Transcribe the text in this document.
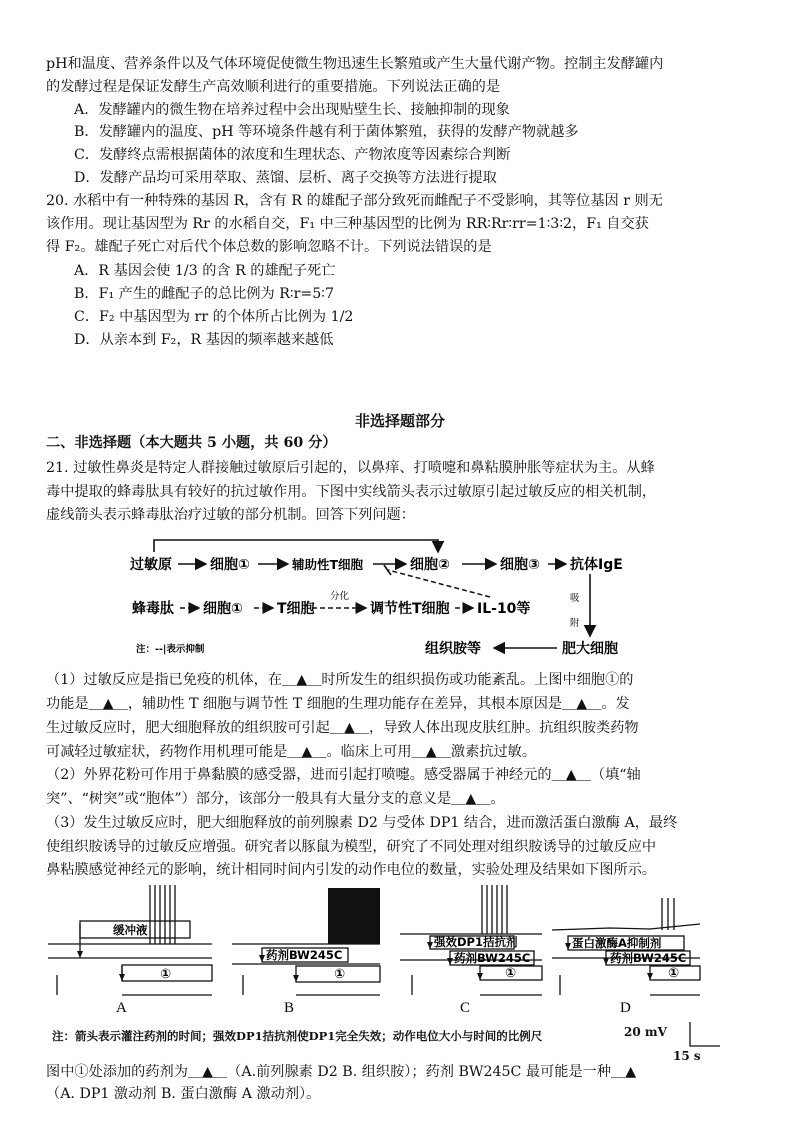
pH和温度、营养条件以及气体环境促使微生物迅速生长繁殖或产生大量代谢产物。控制主发酵罐内
的发酵过程是保证发酵生产高效顺利进行的重要措施。下列说法正确的是
A．发酵罐内的微生物在培养过程中会出现贴壁生长、接触抑制的现象
B．发酵罐内的温度、pH 等环境条件越有利于菌体繁殖，获得的发酵产物就越多
C．发酵终点需根据菌体的浓度和生理状态、产物浓度等因素综合判断
D．发酵产品均可采用萃取、蒸馏、层析、离子交换等方法进行提取
20. 水稻中有一种特殊的基因 R，含有 R 的雄配子部分致死而雌配子不受影响，其等位基因 r 则无
该作用。现让基因型为 Rr 的水稻自交，F₁ 中三种基因型的比例为 RR∶Rr∶rr=1∶3∶2，F₁ 自交获
得 F₂。雄配子死亡对后代个体总数的影响忽略不计。下列说法错误的是
A．R 基因会使 1/3 的含 R 的雄配子死亡
B．F₁ 产生的雌配子的总比例为 R∶r=5∶7
C．F₂ 中基因型为 rr 的个体所占比例为 1/2
D．从亲本到 F₂，R 基因的频率越来越低
非选择题部分
二、非选择题（本大题共 5 小题，共 60 分）
21. 过敏性鼻炎是特定人群接触过敏原后引起的，以鼻痒、打喷嚏和鼻粘膜肿胀等症状为主。从蜂
毒中提取的蜂毒肽具有较好的抗过敏作用。下图中实线箭头表示过敏原引起过敏反应的相关机制，
虚线箭头表示蜂毒肽治疗过敏的部分机制。回答下列问题：
过敏原	细胞①	辅助性T细胞	细胞②	细胞③ 抗体IgE
蜂毒肽 细胞① T细胞	调节性T细胞 IL-10等
组织胺等	肥大细胞
分化	吸
附
注：--|表示抑制
（1）过敏反应是指已免疫的机体，在＿▲＿时所发生的组织损伤或功能紊乱。上图中细胞①的
功能是＿▲＿，辅助性 T 细胞与调节性 T 细胞的生理功能存在差异，其根本原因是＿▲＿。发
生过敏反应时，肥大细胞释放的组织胺可引起＿▲＿，导致人体出现皮肤红肿。抗组织胺类药物
可减轻过敏症状，药物作用机理可能是＿▲＿。临床上可用＿▲＿激素抗过敏。
（2）外界花粉可作用于鼻黏膜的感受器，进而引起打喷嚏。感受器属于神经元的＿▲＿（填“轴
突”、“树突”或“胞体”）部分，该部分一般具有大量分支的意义是＿▲＿。
（3）发生过敏反应时，肥大细胞释放的前列腺素 D2 与受体 DP1 结合，进而激活蛋白激酶 A，最终
使组织胺诱导的过敏反应增强。研究者以豚鼠为模型，研究了不同处理对组织胺诱导的过敏反应中
鼻粘膜感觉神经元的影响，统计相同时间内引发的动作电位的数量，实验处理及结果如下图所示。
缓冲液
①
药剂BW245C
①
强效DP1拮抗剂
药剂BW245C
①
蛋白激酶A抑制剂
药剂BW245C
①
A	B	C	D
注：箭头表示灌注药剂的时间；强效DP1拮抗剂使DP1完全失效；动作电位大小与时间的比例尺	20 mV
15 s
图中①处添加的药剂为＿▲＿（A.前列腺素 D2 B. 组织胺）；药剂 BW245C 最可能是一种＿▲
（A. DP1 激动剂 B. 蛋白激酶 A 激动剂）。
